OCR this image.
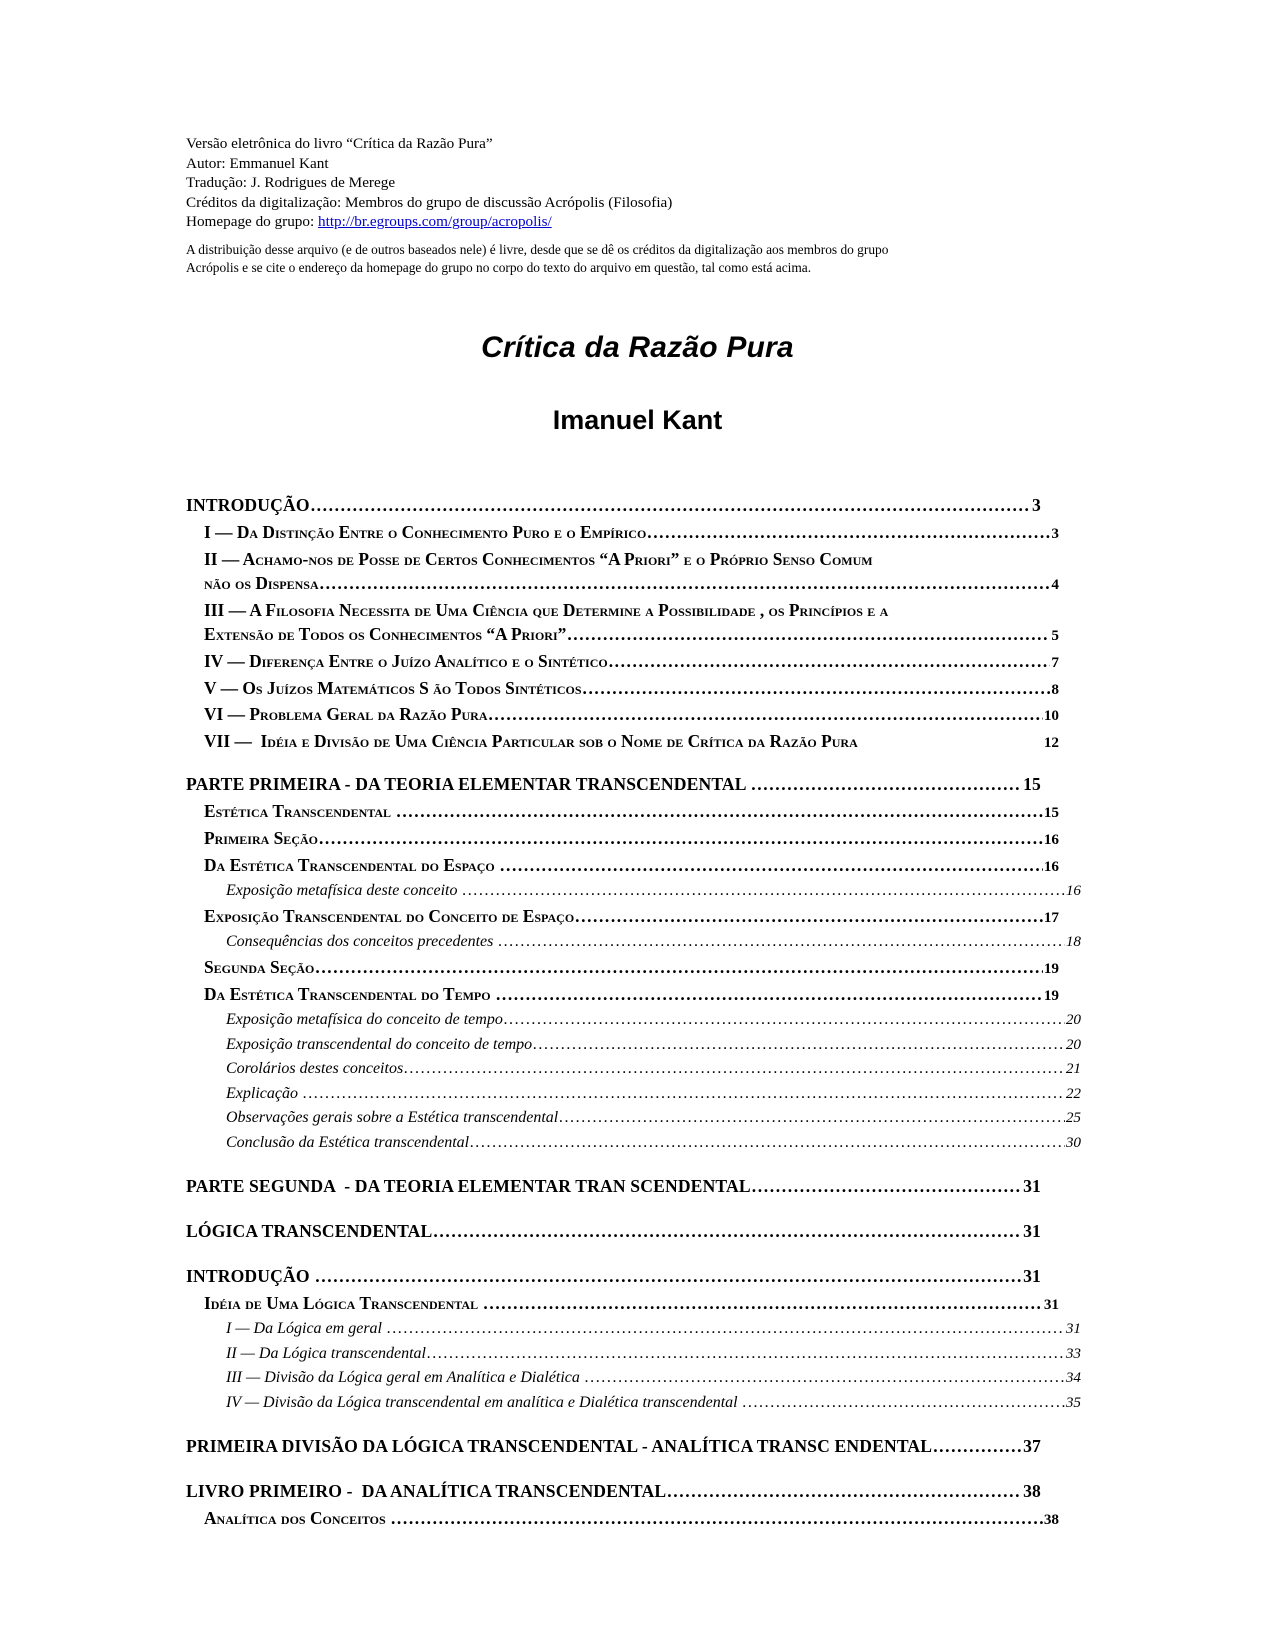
Versão eletrônica do livro “Crítica da Razão Pura”
Autor: Emmanuel Kant
Tradução: J. Rodrigues de Merege
Créditos da digitalização: Membros do grupo de discussão Acrópolis (Filosofia)
Homepage do grupo: http://br.egroups.com/group/acropolis/
A distribuição desse arquivo (e de outros baseados nele) é livre, desde que se dê os créditos da digitalização aos membros do grupo
Acrópolis e se cite o endereço da homepage do grupo no corpo do texto do arquivo em questão, tal como está acima.
Crítica da Razão Pura
Imanuel Kant
INTRODUÇÃO .....	3
I — Da Distinção Entre o Conhecimento Puro e o Empírico .....	3
II — Achamo-nos de Posse de Certos Conhecimentos “A Priori” e o Próprio Senso Comum
não os Dispensa .....	4
III — A Filosofia Necessita de Uma Ciência que Determine a Possibilidade , os Princípios e a
Extensão de Todos os Conhecimentos “A Priori” .....	5
IV — Diferença Entre o Juízo Analítico e o Sintético .....	7
V — Os Juízos Matemáticos S ão Todos Sintéticos .....	8
VI — Problema Geral da Razão Pura .....	10
VII —  Idéia e Divisão de Uma Ciência Particular sob o Nome de Crítica da Razão Pura	12
PARTE PRIMEIRA - DA TEORIA ELEMENTAR TRANSCENDENTAL .....	15
Estética Transcendental .....	15
Primeira Seção .....	16
Da Estética Transcendental do Espaço .....	16
Exposição metafísica deste conceito .....	16
Exposição Transcendental do Conceito de Espaço .....	17
Consequências dos conceitos precedentes .....	18
Segunda Seção .....	19
Da Estética Transcendental do Tempo .....	19
Exposição metafísica do conceito de tempo .....	20
Exposição transcendental do conceito de tempo .....	20
Corolários destes conceitos .....	21
Explicação .....	22
Observações gerais sobre a Estética transcendental .....	25
Conclusão da Estética transcendental .....	30
PARTE SEGUNDA  - DA TEORIA ELEMENTAR TRAN SCENDENTAL .....	31
LÓGICA TRANSCENDENTAL .....	31
INTRODUÇÃO .....	31
Idéia de Uma Lógica Transcendental .....	31
I — Da Lógica em geral .....	31
II — Da Lógica transcendental .....	33
III — Divisão da Lógica geral em Analítica e Dialética .....	34
IV — Divisão da Lógica transcendental em analítica e Dialética transcendental .....	35
PRIMEIRA DIVISÃO DA LÓGICA TRANSCENDENTAL - ANALÍTICA TRANSC ENDENTAL .....	37
LIVRO PRIMEIRO -  DA ANALÍTICA TRANSCENDENTAL .....	38
Analítica dos Conceitos .....	38
